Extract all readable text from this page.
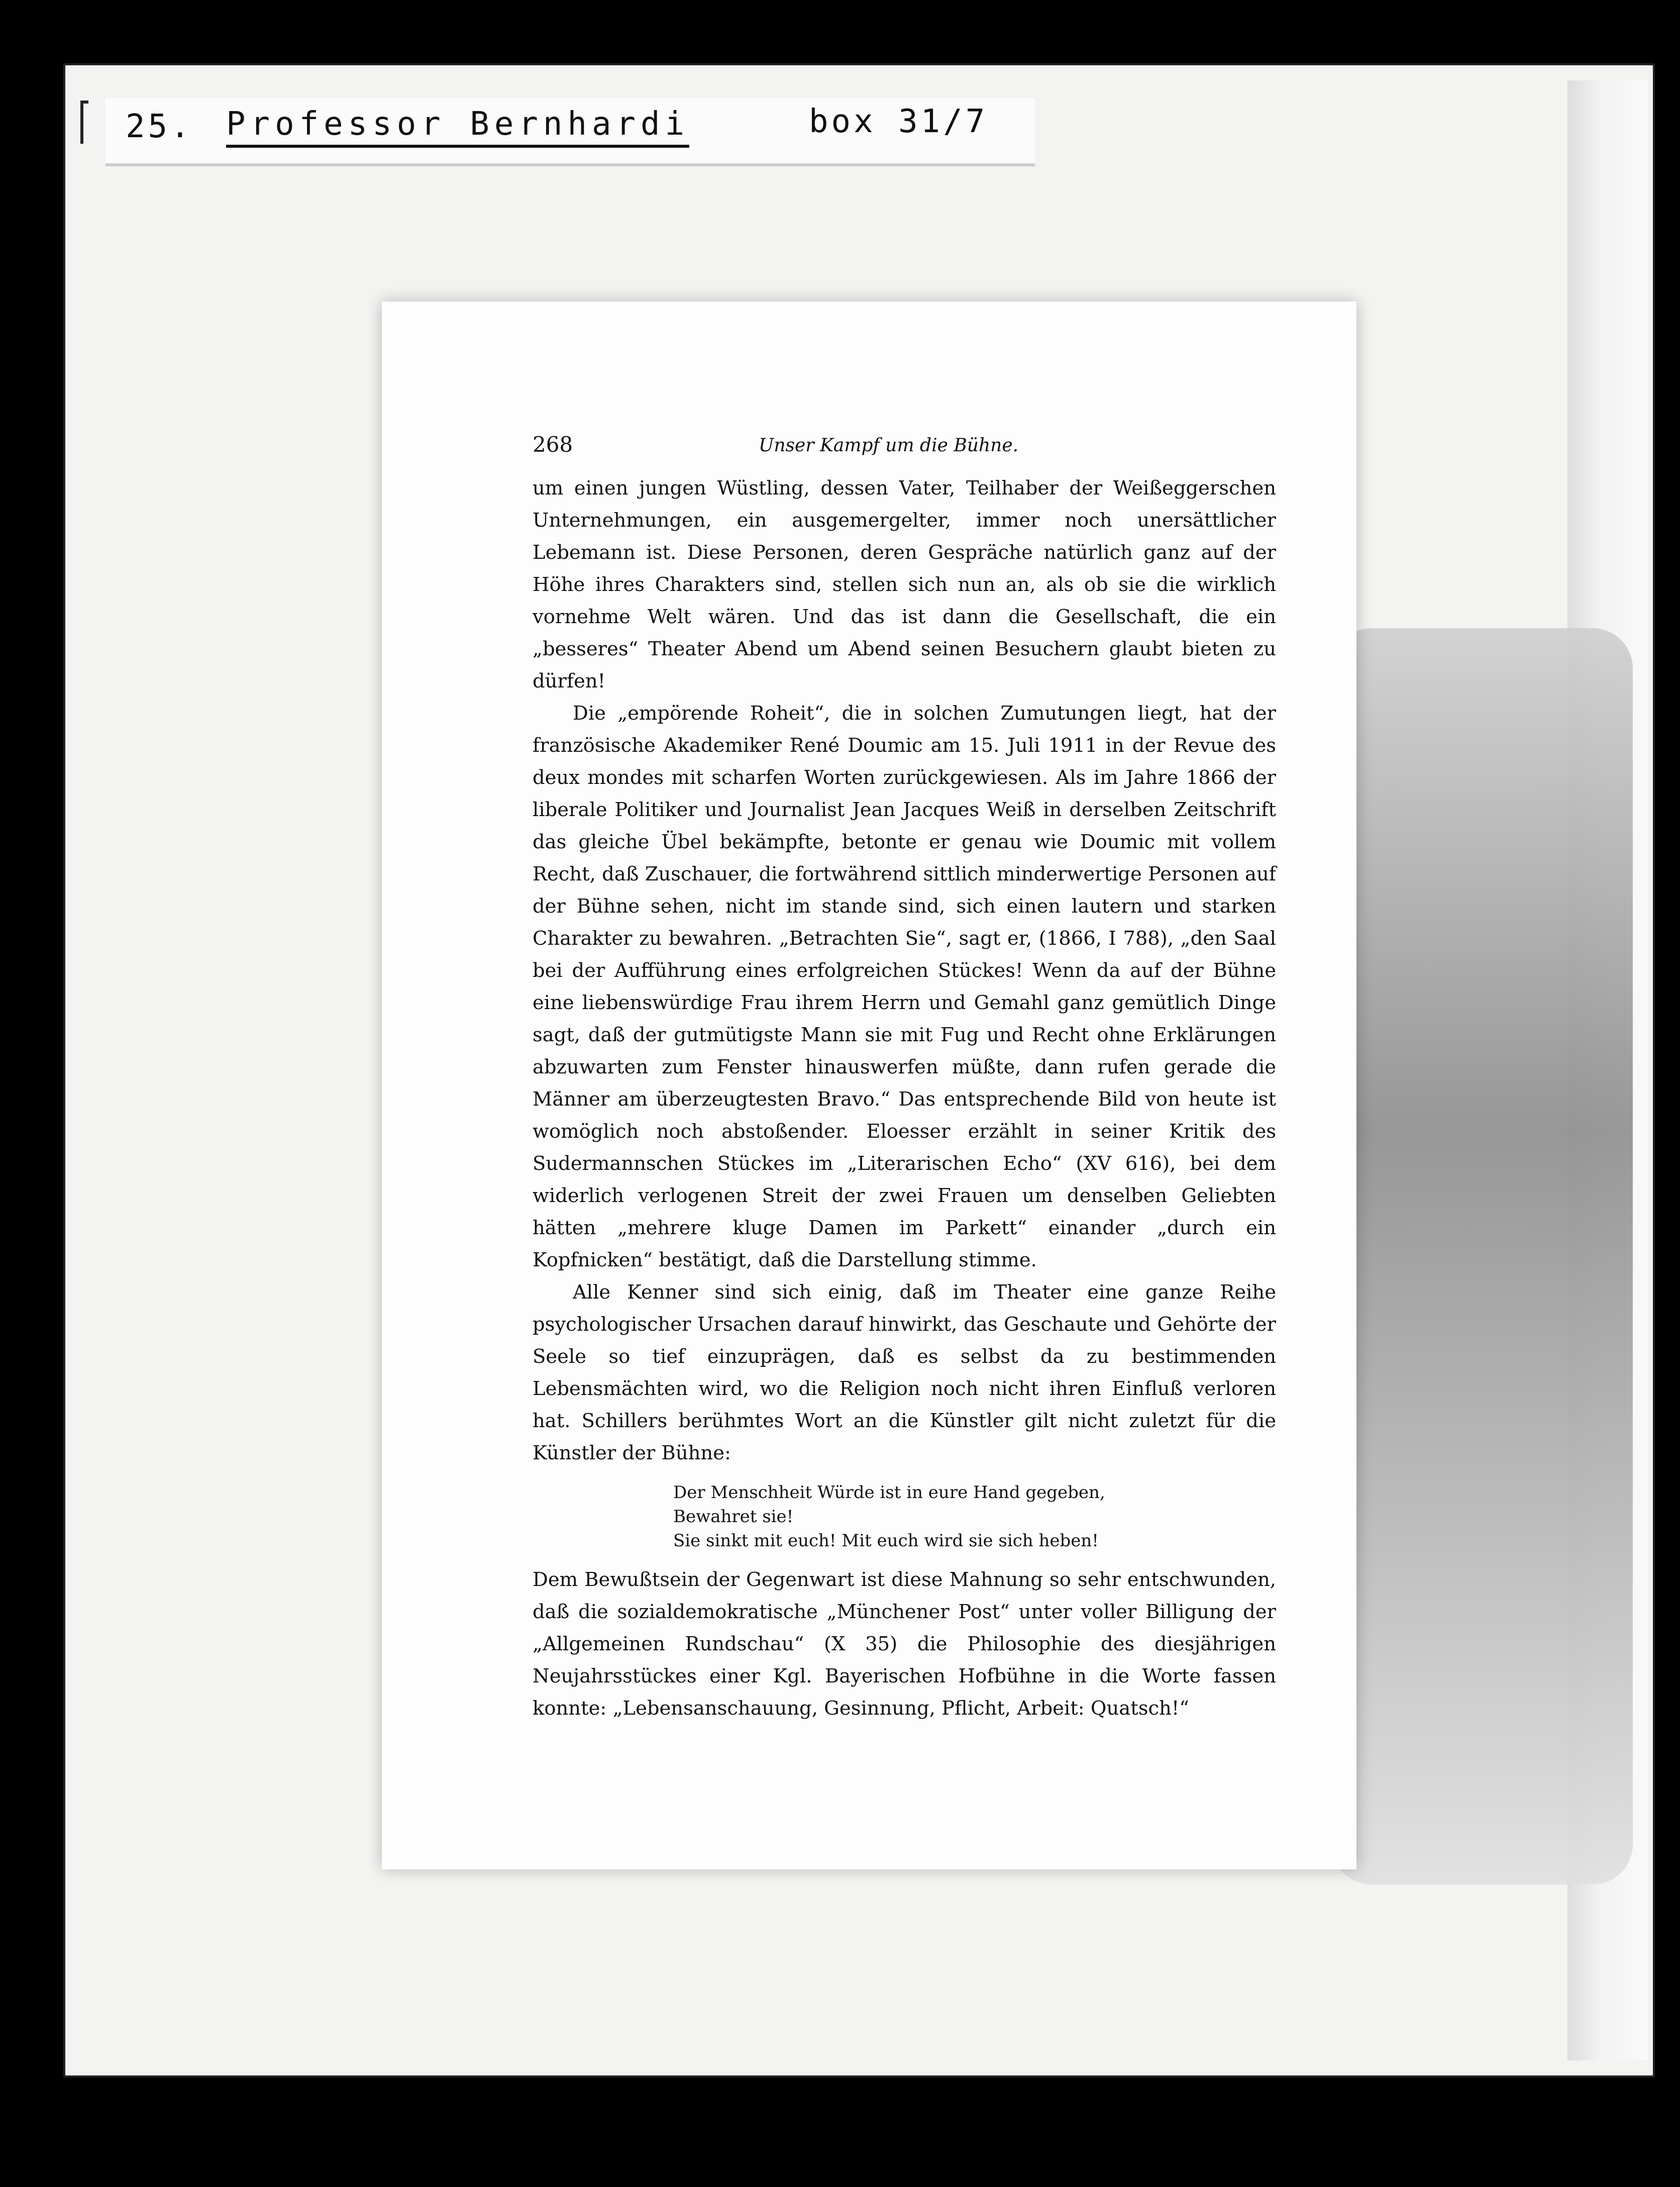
25. Professor Bernhardi	box 31/7
268	Unser Kampf um die Bühne.

um einen jungen Wüstling, dessen Vater, Teilhaber der Weißeggerschen Unternehmungen, ein ausgemergelter, immer noch unersättlicher Lebemann ist. Diese Personen, deren Gespräche natürlich ganz auf der Höhe ihres Charakters sind, stellen sich nun an, als ob sie die wirklich vornehme Welt wären. Und das ist dann die Gesellschaft, die ein „besseres“ Theater Abend um Abend seinen Besuchern glaubt bieten zu dürfen!

Die „empörende Roheit“, die in solchen Zumutungen liegt, hat der französische Akademiker René Doumic am 15. Juli 1911 in der Revue des deux mondes mit scharfen Worten zurückgewiesen. Als im Jahre 1866 der liberale Politiker und Journalist Jean Jacques Weiß in derselben Zeitschrift das gleiche Übel bekämpfte, betonte er genau wie Doumic mit vollem Recht, daß Zuschauer, die fortwährend sittlich minderwertige Personen auf der Bühne sehen, nicht im stande sind, sich einen lautern und starken Charakter zu bewahren. „Betrachten Sie“, sagt er, (1866, I 788), „den Saal bei der Aufführung eines erfolgreichen Stückes! Wenn da auf der Bühne eine liebenswürdige Frau ihrem Herrn und Gemahl ganz gemütlich Dinge sagt, daß der gutmütigste Mann sie mit Fug und Recht ohne Erklärungen abzuwarten zum Fenster hinauswerfen müßte, dann rufen gerade die Männer am überzeugtesten Bravo.“ Das entsprechende Bild von heute ist womöglich noch abstoßender. Eloesser erzählt in seiner Kritik des Sudermannschen Stückes im „Literarischen Echo“ (XV 616), bei dem widerlich verlogenen Streit der zwei Frauen um denselben Geliebten hätten „mehrere kluge Damen im Parkett“ einander „durch ein Kopfnicken“ bestätigt, daß die Darstellung stimme.

Alle Kenner sind sich einig, daß im Theater eine ganze Reihe psychologischer Ursachen darauf hinwirkt, das Geschaute und Gehörte der Seele so tief einzuprägen, daß es selbst da zu bestimmenden Lebensmächten wird, wo die Religion noch nicht ihren Einfluß verloren hat. Schillers berühmtes Wort an die Künstler gilt nicht zuletzt für die Künstler der Bühne:

Der Menschheit Würde ist in eure Hand gegeben,
Bewahret sie!
Sie sinkt mit euch! Mit euch wird sie sich heben!

Dem Bewußtsein der Gegenwart ist diese Mahnung so sehr entschwunden, daß die sozialdemokratische „Münchener Post“ unter voller Billigung der „Allgemeinen Rundschau“ (X 35) die Philosophie des diesjährigen Neujahrsstückes einer Kgl. Bayerischen Hofbühne in die Worte fassen konnte: „Lebensanschauung, Gesinnung, Pflicht, Arbeit: Quatsch!“
